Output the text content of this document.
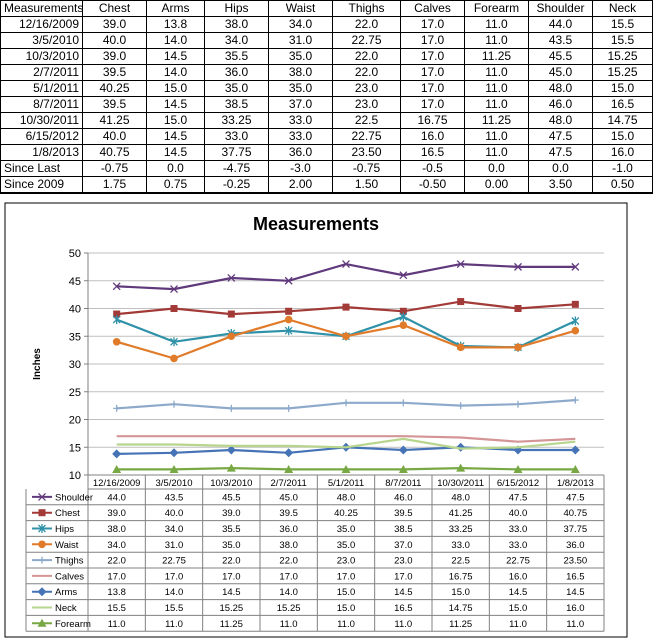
Measurements	Chest	Arms	Hips	Waist	Thighs	Calves	Forearm	Shoulder	Neck
12/16/2009	39.0	13.8	38.0	34.0	22.0	17.0	11.0	44.0	15.5
3/5/2010	40.0	14.0	34.0	31.0	22.75	17.0	11.0	43.5	15.5
10/3/2010	39.0	14.5	35.5	35.0	22.0	17.0	11.25	45.5	15.25
2/7/2011	39.5	14.0	36.0	38.0	22.0	17.0	11.0	45.0	15.25
5/1/2011	40.25	15.0	35.0	35.0	23.0	17.0	11.0	48.0	15.0
8/7/2011	39.5	14.5	38.5	37.0	23.0	17.0	11.0	46.0	16.5
10/30/2011	41.25	15.0	33.25	33.0	22.5	16.75	11.25	48.0	14.75
6/15/2012	40.0	14.5	33.0	33.0	22.75	16.0	11.0	47.5	15.0
1/8/2013	40.75	14.5	37.75	36.0	23.50	16.5	11.0	47.5	16.0
Since Last	-0.75	0.0	-4.75	-3.0	-0.75	-0.5	0.0	0.0	-1.0
Since 2009	1.75	0.75	-0.25	2.00	1.50	-0.50	0.00	3.50	0.50
Measurements
10
15
20
25
30
35
40
45
50
Inches
12/16/2009 3/5/2010 10/3/2010 2/7/2011 5/1/2011 8/7/2011 10/30/2011 6/15/2012 1/8/2013
Shoulder 44.0	43.5	45.5	45.0	48.0	46.0	48.0	47.5	47.5
Chest	39.0	40.0	39.0	39.5	40.25	39.5	41.25	40.0	40.75
Hips	38.0	34.0	35.5	36.0	35.0	38.5	33.25	33.0	37.75
Waist	34.0	31.0	35.0	38.0	35.0	37.0	33.0	33.0	36.0
Thighs	22.0	22.75	22.0	22.0	23.0	23.0	22.5	22.75	23.50
Calves 17.0	17.0	17.0	17.0	17.0	17.0	16.75	16.0	16.5
Arms	13.8	14.0	14.5	14.0	15.0	14.5	15.0	14.5	14.5
Neck	15.5	15.5	15.25	15.25	15.0	16.5	14.75	15.0	16.0
Forearm 11.0	11.0	11.25	11.0	11.0	11.0	11.25	11.0	11.0
